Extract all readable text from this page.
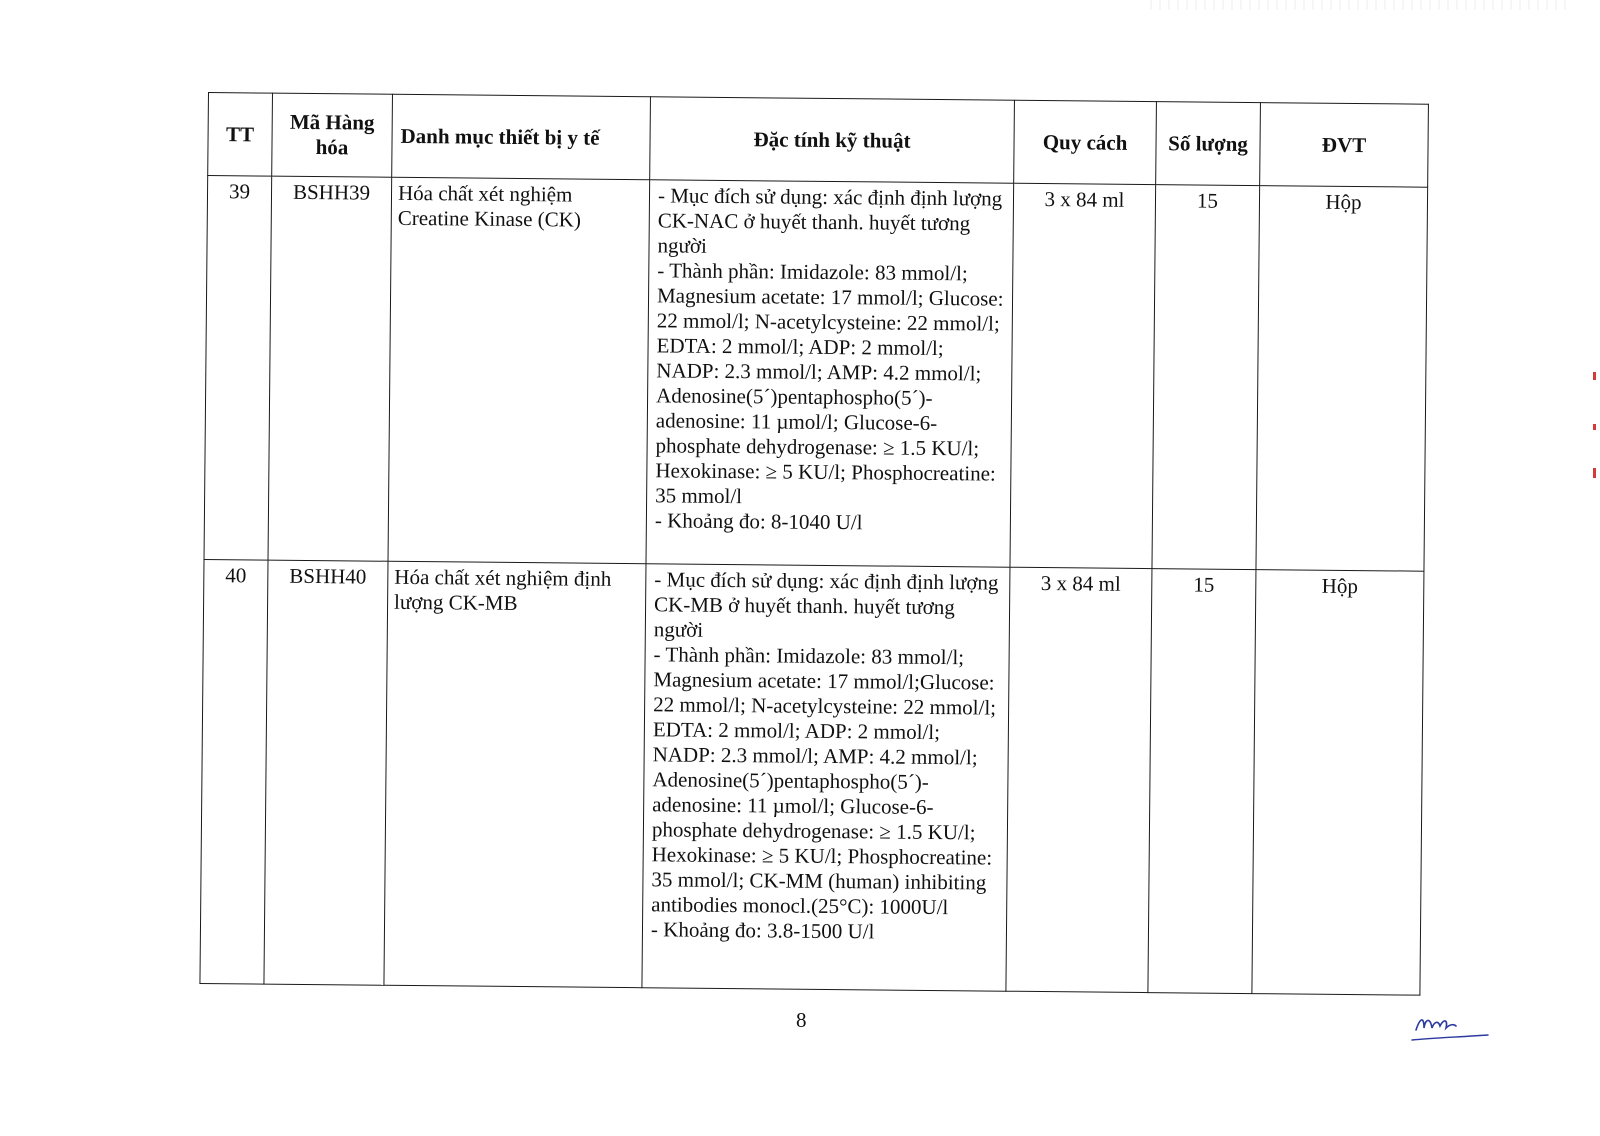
TT	Mã Hàng hóa	Danh mục thiết bị y tế	Đặc tính kỹ thuật	Quy cách	Số lượng	ĐVT
39	BSHH39	Hóa chất xét nghiệm Creatine Kinase (CK)	- Mục đích sử dụng: xác định định lượng CK-NAC ở huyết thanh. huyết tương người
- Thành phần: Imidazole: 83 mmol/l; Magnesium acetate: 17 mmol/l; Glucose: 22 mmol/l; N-acetylcysteine: 22 mmol/l; EDTA: 2 mmol/l; ADP: 2 mmol/l; NADP: 2.3 mmol/l; AMP: 4.2 mmol/l; Adenosine(5´)pentaphospho(5´)-adenosine: 11 µmol/l; Glucose-6-phosphate dehydrogenase: ≥ 1.5 KU/l; Hexokinase: ≥ 5 KU/l; Phosphocreatine: 35 mmol/l
- Khoảng đo: 8-1040 U/l	3 x 84 ml	15	Hộp
40	BSHH40	Hóa chất xét nghiệm định lượng CK-MB	- Mục đích sử dụng: xác định định lượng CK-MB ở huyết thanh. huyết tương người
- Thành phần: Imidazole: 83 mmol/l; Magnesium acetate: 17 mmol/l;Glucose: 22 mmol/l; N-acetylcysteine: 22 mmol/l; EDTA: 2 mmol/l; ADP: 2 mmol/l; NADP: 2.3 mmol/l; AMP: 4.2 mmol/l; Adenosine(5´)pentaphospho(5´)-adenosine: 11 µmol/l; Glucose-6-phosphate dehydrogenase: ≥ 1.5 KU/l; Hexokinase: ≥ 5 KU/l; Phosphocreatine: 35 mmol/l; CK-MM (human) inhibiting antibodies monocl.(25°C): 1000U/l
- Khoảng đo: 3.8-1500 U/l	3 x 84 ml	15	Hộp
8
